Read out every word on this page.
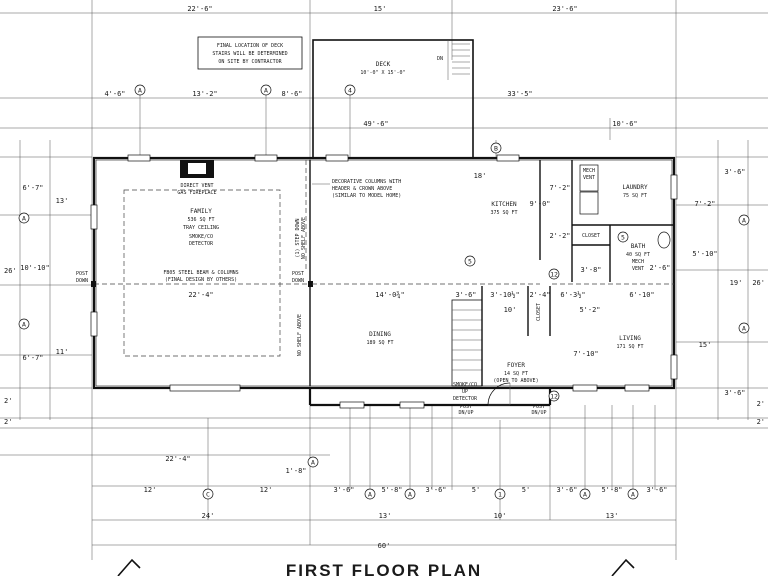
DECK
10'-0" X 15'-0"
DN
FINAL LOCATION OF DECK
STAIRS WILL BE DETERMINED
ON SITE BY CONTRACTOR
DIRECT VENT
GAS FIREPLACE
FAMILY
536 SQ FT
TRAY CEILING
SMOKE/CO
DETECTOR
FB05 STEEL BEAM & COLUMNS
(FINAL DESIGN BY OTHERS)
22'-4"
POST
DOWN
POST
DOWN
(1) STEP DOWN NO SHELF ABOVE
NO SHELF ABOVE
DECORATIVE COLUMNS WITH
HEADER & CROWN ABOVE
(SIMILAR TO MODEL HOME)
18'
KITCHEN
375 SQ FT
9'-0"
7'-2"
2'-2"
14'-0¾"
DINING
189 SQ FT
MECH
VENT
LAUNDRY
75 SQ FT
CLOSET
BATH
40 SQ FT
MECH
VENT
3'-8"	2'-6"
CLOSET
UP
SMOKE/CO
DETECTOR
FOYER
14 SQ FT
(OPEN TO ABOVE)
POST
DN/UP
POST
DN/UP
3'-6" 3'-10½" 2'-4"
10'
6'-3½"	6'-10"
5'-2"
7'-10"
LIVING
171 SQ FT
22'-6"	15'	23'-6"
4'-6"	13'-2"	8'-6"	33'-5"
49'-6"	10'-6"
6'-7"
13'
10'-10"
26'
6'-7"
11'
2'
2'
3'-6"
7'-2"
5'-10"
19' 26'
15'
3'-6"
2'
2'
22'-4"
1'-8"
12'	12'	3'-6"	5'-8"	3'-6"	5'	5'	3'-6"	5'-8"	3'-6"
24'	13'	10'	13'
60'
A	A	4
B
A
A
A
A
5
5
12
12
A
C	1
A	A	A	A
FIRST FLOOR PLAN
